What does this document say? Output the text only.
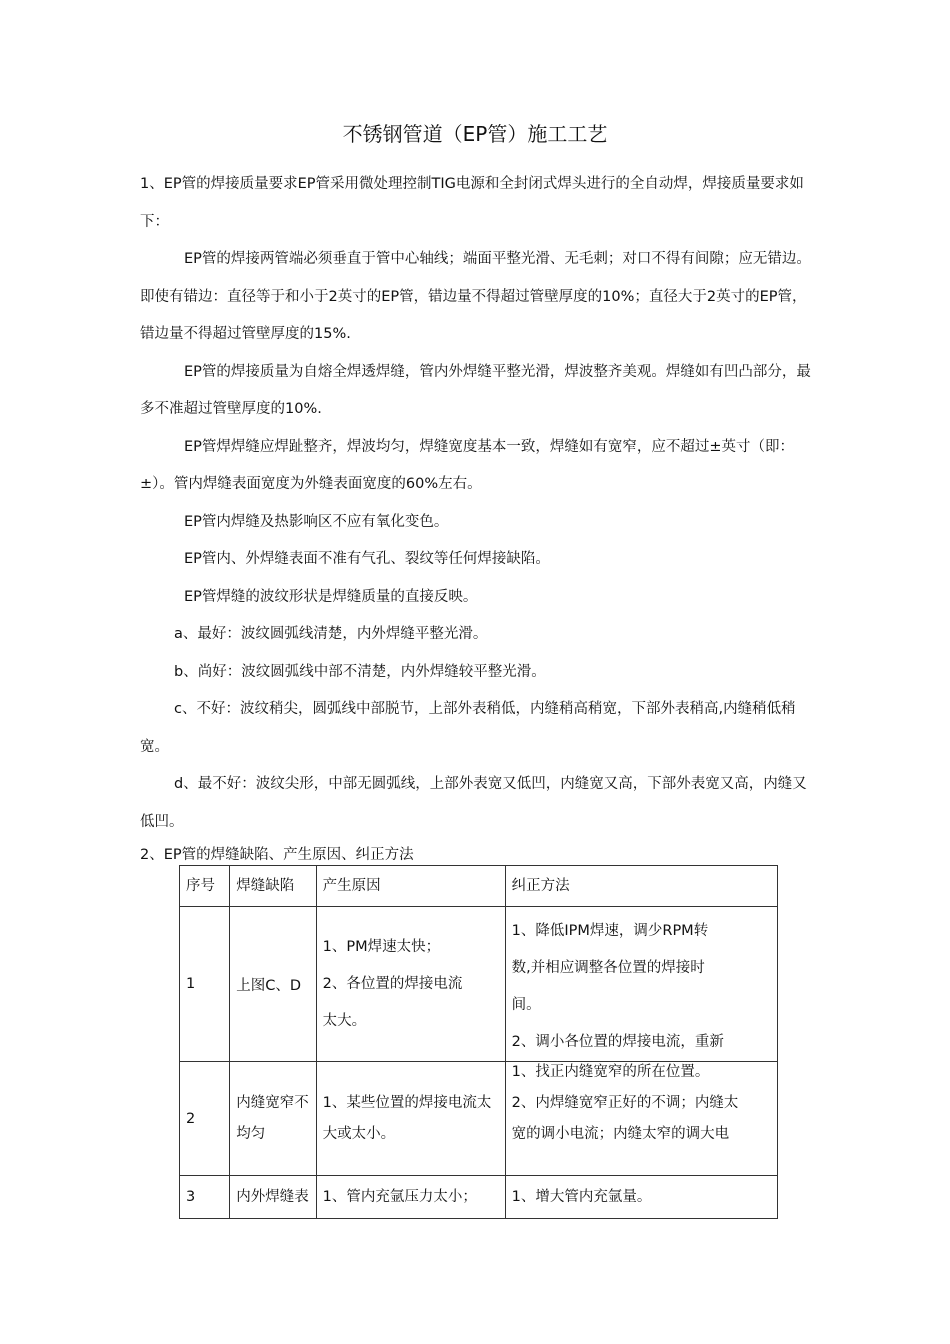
不锈钢管道（EP管）施工工艺

1、EP管的焊接质量要求EP管采用微处理控制TIG电源和全封闭式焊头进行的全自动焊，焊接质量要求如下：

EP管的焊接两管端必须垂直于管中心轴线；端面平整光滑、无毛刺；对口不得有间隙；应无错边。即使有错边：直径等于和小于2英寸的EP管，错边量不得超过管壁厚度的10%；直径大于2英寸的EP管，错边量不得超过管壁厚度的15%.

EP管的焊接质量为自熔全焊透焊缝，管内外焊缝平整光滑，焊波整齐美观。焊缝如有凹凸部分，最多不准超过管壁厚度的10%.

EP管焊焊缝应焊趾整齐，焊波均匀，焊缝宽度基本一致，焊缝如有宽窄，应不超过±英寸（即：±）。管内焊缝表面宽度为外缝表面宽度的60%左右。

EP管内焊缝及热影响区不应有氧化变色。

EP管内、外焊缝表面不准有气孔、裂纹等任何焊接缺陷。

EP管焊缝的波纹形状是焊缝质量的直接反映。

a、最好：波纹圆弧线清楚，内外焊缝平整光滑。

b、尚好：波纹圆弧线中部不清楚，内外焊缝较平整光滑。

c、不好：波纹稍尖，圆弧线中部脱节，上部外表稍低，内缝稍高稍宽，下部外表稍高,内缝稍低稍宽。

d、最不好：波纹尖形，中部无圆弧线，上部外表宽又低凹，内缝宽又高，下部外表宽又高，内缝又低凹。

2、EP管的焊缝缺陷、产生原因、纠正方法
序号	焊缝缺陷	产生原因	纠正方法
1	上图C、D	1、PM焊速太快；
2、各位置的焊接电流
太大。	1、降低IPM焊速，调少RPM转
数,并相应调整各位置的焊接时
间。
2、调小各位置的焊接电流，重新

2	内缝宽窄不
均匀	1、某些位置的焊接电流太
大或太小。	1、找正内缝宽窄的所在位置。
2、内焊缝宽窄正好的不调；内缝太
宽的调小电流；内缝太窄的调大电

3	内外焊缝表	1、管内充氩压力太小；	1、增大管内充氩量。
